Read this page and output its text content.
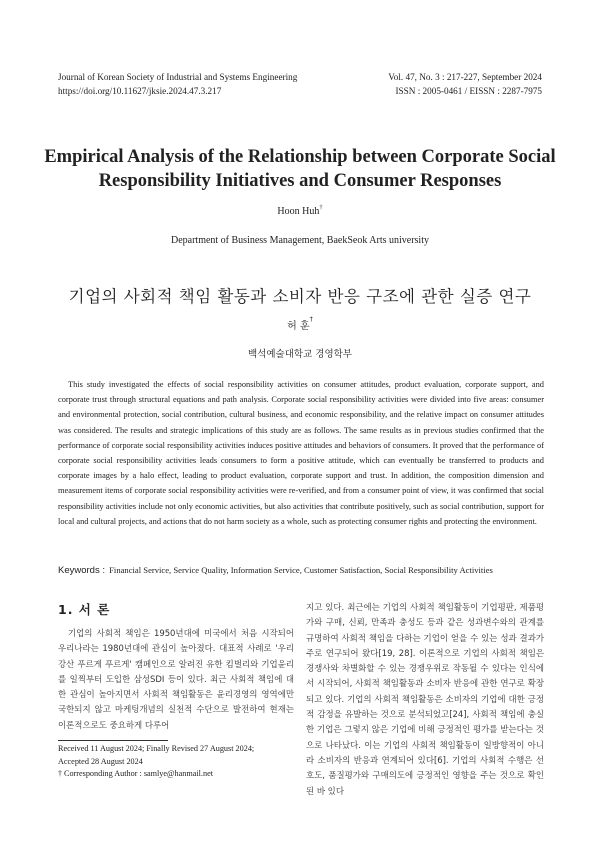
Journal of Korean Society of Industrial and Systems Engineering
https://doi.org/10.11627/jksie.2024.47.3.217
Vol. 47, No. 3 : 217-227, September 2024
ISSN : 2005-0461 / EISSN : 2287-7975
Empirical Analysis of the Relationship between Corporate Social
Responsibility Initiatives and Consumer Responses
Hoon Huh†
Department of Business Management, BaekSeok Arts university
기업의 사회적 책임 활동과 소비자 반응 구조에 관한 실증 연구
허 훈†
백석예술대학교 경영학부
This study investigated the effects of social responsibility activities on consumer attitudes, product evaluation, corporate support, and corporate trust through structural equations and path analysis. Corporate social responsibility activities were divided into five areas: consumer and environmental protection, social contribution, cultural business, and economic responsibility, and the relative impact on consumer attitudes was considered. The results and strategic implications of this study are as follows. The same results as in previous studies confirmed that the performance of corporate social responsibility activities induces positive attitudes and behaviors of consumers. It proved that the performance of corporate social responsibility activities leads consumers to form a positive attitude, which can eventually be transferred to products and corporate images by a halo effect, leading to product evaluation, corporate support and trust. In addition, the composition dimension and measurement items of corporate social responsibility activities were re-verified, and from a consumer point of view, it was confirmed that social responsibility activities include not only economic activities, but also activities that contribute positively, such as social contribution, support for local and cultural projects, and actions that do not harm society as a whole, such as protecting consumer rights and protecting the environment.
Keywords : Financial Service, Service Quality, Information Service, Customer Satisfaction, Social Responsibility Activities
1. 서 론
기업의 사회적 책임은 1950년대에 미국에서 처음 시작되어 우리나라는 1980년대에 관심이 높아졌다. 대표적 사례로 '우리강산 푸르게 푸르게' 캠페인으로 알려진 유한 킴벌리와 기업윤리를 일찍부터 도입한 삼성SDI 등이 있다. 최근 사회적 책임에 대한 관심이 높아지면서 사회적 책임활동은 윤리경영의 영역에만 국한되지 않고 마케팅개념의 실천적 수단으로 발전하여 현재는 이론적으로도 중요하게 다루어
지고 있다. 최근에는 기업의 사회적 책임활동이 기업평판, 제품평가와 구매, 신뢰, 만족과 충성도 등과 같은 성과변수와의 관계를 규명하여 사회적 책임을 다하는 기업이 얻을 수 있는 성과 결과가 주로 연구되어 왔다[19, 28]. 이론적으로 기업의 사회적 책임은 경쟁사와 차별화할 수 있는 경쟁우위로 작동될 수 있다는 인식에서 시작되어, 사회적 책임활동과 소비자 반응에 관한 연구로 확장되고 있다. 기업의 사회적 책임활동은 소비자의 기업에 대한 긍정적 감정을 유발하는 것으로 분석되었고[24], 사회적 책임에 충실한 기업은 그렇지 않은 기업에 비해 긍정적인 평가를 받는다는 것으로 나타났다. 이는 기업의 사회적 책임활동이 일방향적이 아니라 소비자의 반응과 연계되어 있다[6]. 기업의 사회적 수행은 선호도, 품질평가와 구매의도에 긍정적인 영향을 주는 것으로 확인된 바 있다
Received 11 August 2024; Finally Revised 27 August 2024;
Accepted 28 August 2024
† Corresponding Author : samlye@hanmail.net
